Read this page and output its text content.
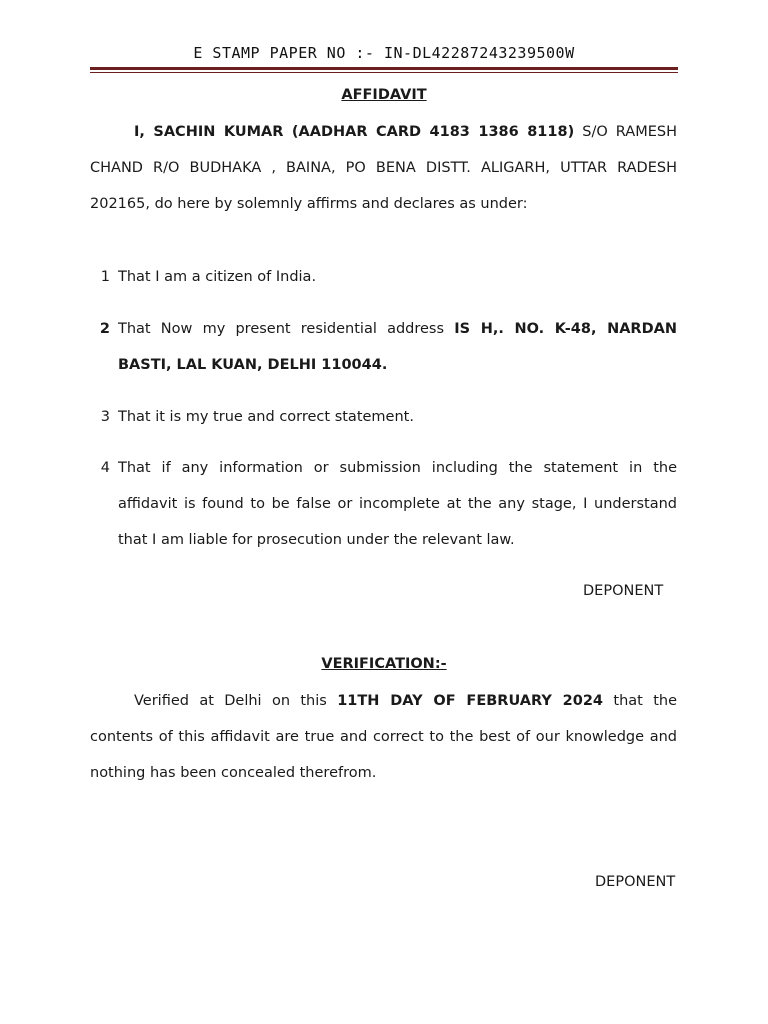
E STAMP PAPER NO :- IN-DL42287243239500W
AFFIDAVIT
I, SACHIN KUMAR (AADHAR CARD 4183 1386 8118) S/O RAMESH CHAND R/O BUDHAKA , BAINA, PO BENA DISTT. ALIGARH, UTTAR RADESH 202165, do here by solemnly affirms and declares as under:
1 That I am a citizen of India.
2 That Now my present residential address IS H,. NO. K-48, NARDAN BASTI, LAL KUAN, DELHI 110044.
3 That it is my true and correct statement.
4 That if any information or submission including the statement in the affidavit is found to be false or incomplete at the any stage, I understand that I am liable for prosecution under the relevant law.
DEPONENT
VERIFICATION:-
Verified at Delhi on this 11TH DAY OF FEBRUARY 2024 that the contents of this affidavit are true and correct to the best of our knowledge and nothing has been concealed therefrom.
DEPONENT
